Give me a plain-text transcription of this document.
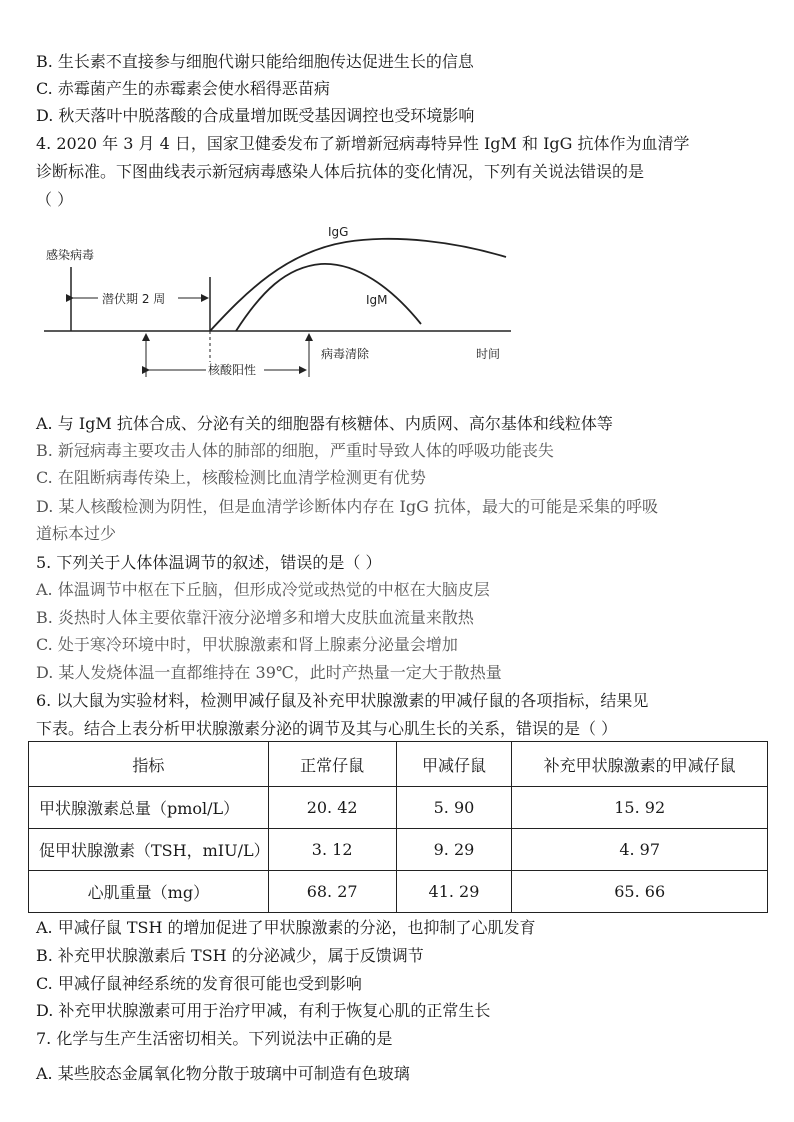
B. 生长素不直接参与细胞代谢只能给细胞传达促进生长的信息
C. 赤霉菌产生的赤霉素会使水稻得恶苗病
D. 秋天落叶中脱落酸的合成量增加既受基因调控也受环境影响
4. 2020 年 3 月 4 日，国家卫健委发布了新增新冠病毒特异性 IgM 和 IgG 抗体作为血清学
诊断标准。下图曲线表示新冠病毒感染人体后抗体的变化情况，下列有关说法错误的是
（ ）
感染病毒
潜伏期 2 周
IgG
IgM
病毒清除	时间
核酸阳性
A. 与 IgM 抗体合成、分泌有关的细胞器有核糖体、内质网、高尔基体和线粒体等
B. 新冠病毒主要攻击人体的肺部的细胞，严重时导致人体的呼吸功能丧失
C. 在阻断病毒传染上，核酸检测比血清学检测更有优势
D. 某人核酸检测为阴性，但是血清学诊断体内存在 IgG 抗体，最大的可能是采集的呼吸
道标本过少
5. 下列关于人体体温调节的叙述，错误的是（ ）
A. 体温调节中枢在下丘脑，但形成冷觉或热觉的中枢在大脑皮层
B. 炎热时人体主要依靠汗液分泌增多和增大皮肤血流量来散热
C. 处于寒冷环境中时，甲状腺激素和肾上腺素分泌量会增加
D. 某人发烧体温一直都维持在 39℃，此时产热量一定大于散热量
6. 以大鼠为实验材料，检测甲减仔鼠及补充甲状腺激素的甲减仔鼠的各项指标，结果见
下表。结合上表分析甲状腺激素分泌的调节及其与心肌生长的关系，错误的是（ ）
指标	正常仔鼠	甲减仔鼠	补充甲状腺激素的甲减仔鼠
甲状腺激素总量（pmol/L）	20. 42	5. 90	15. 92
促甲状腺激素（TSH，mIU/L）	3. 12	9. 29	4. 97
心肌重量（mg）	68. 27	41. 29	65. 66
A. 甲减仔鼠 TSH 的增加促进了甲状腺激素的分泌，也抑制了心肌发育
B. 补充甲状腺激素后 TSH 的分泌减少，属于反馈调节
C. 甲减仔鼠神经系统的发育很可能也受到影响
D. 补充甲状腺激素可用于治疗甲减，有利于恢复心肌的正常生长
7. 化学与生产生活密切相关。下列说法中正确的是
A. 某些胶态金属氧化物分散于玻璃中可制造有色玻璃
